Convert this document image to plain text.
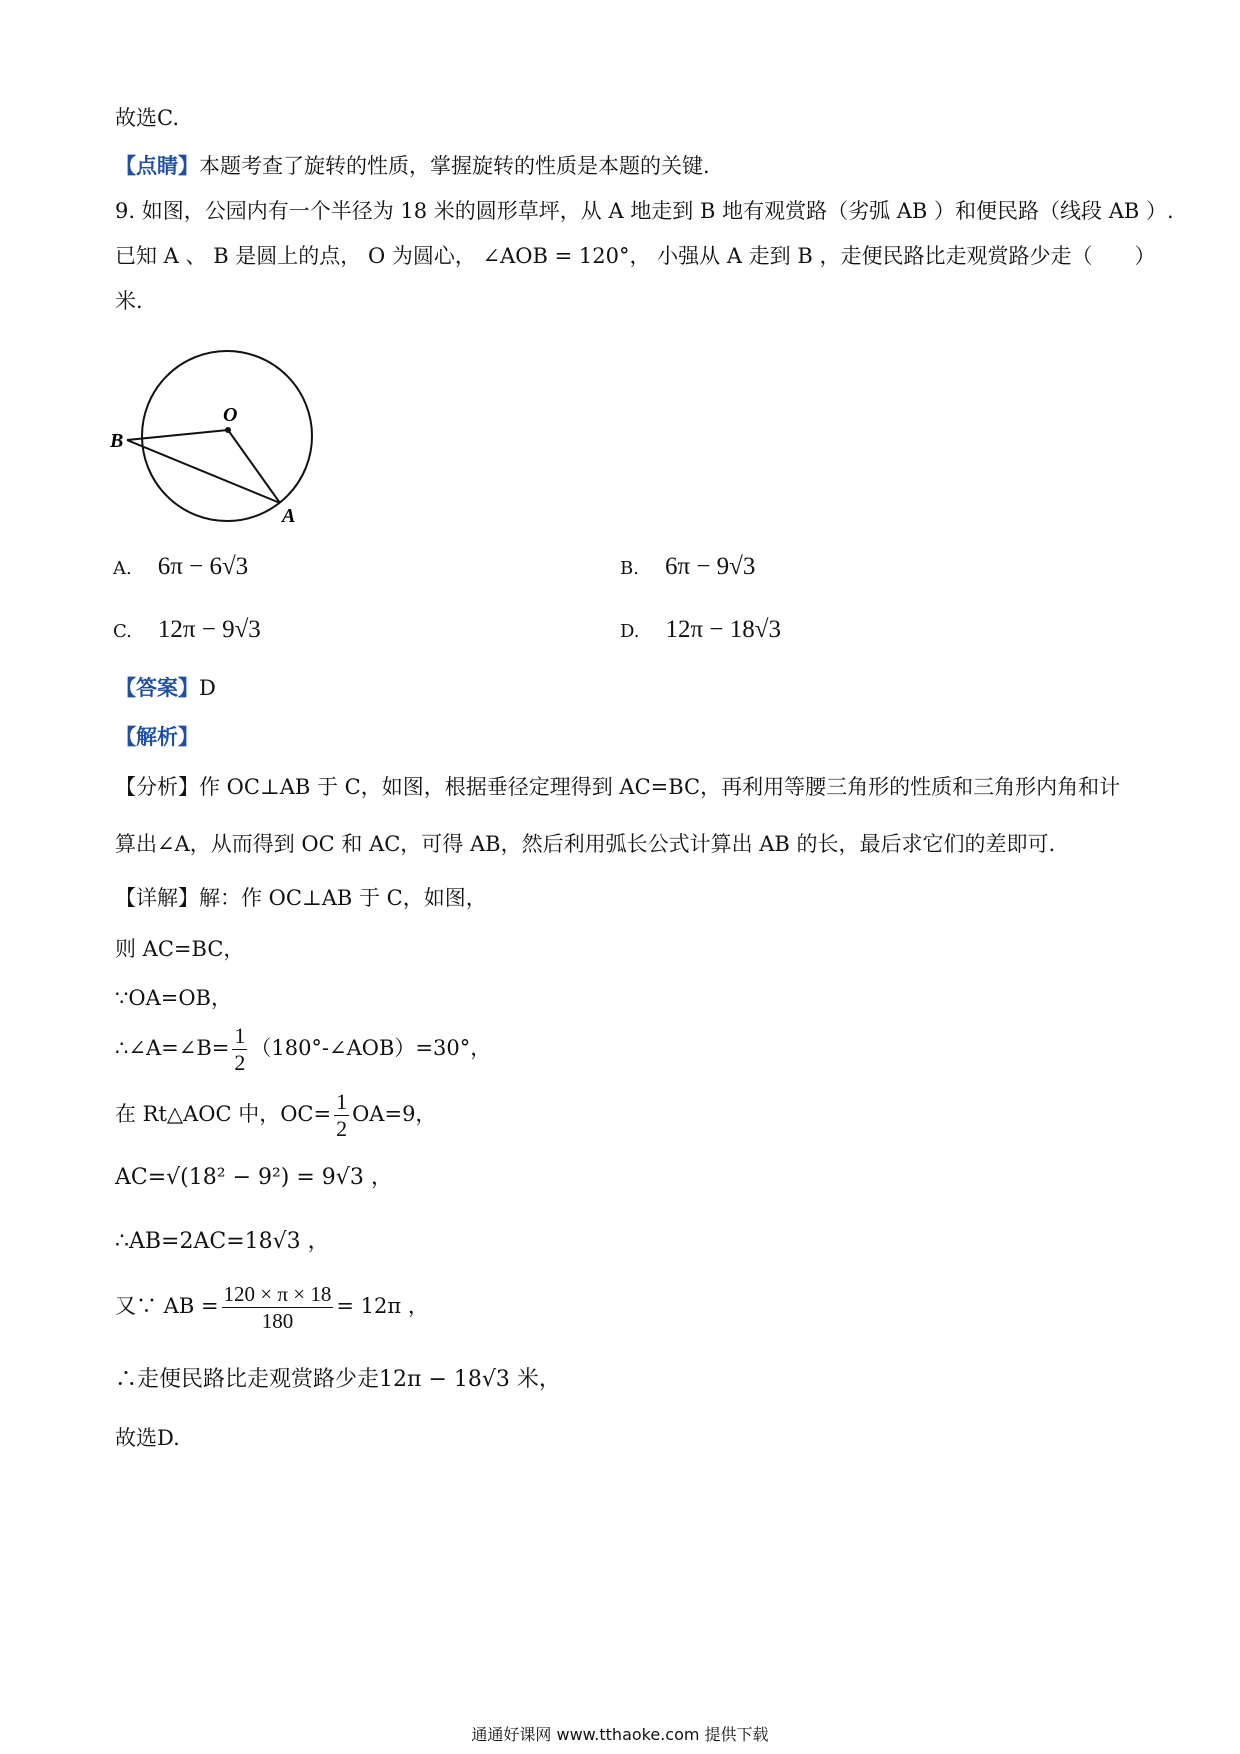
故选C.
【点睛】本题考查了旋转的性质，掌握旋转的性质是本题的关键.
9. 如图，公园内有一个半径为 18 米的圆形草坪，从 A 地走到 B 地有观赏路（劣弧 AB ）和便民路（线段 AB ）.
已知 A 、 B 是圆上的点， O 为圆心， ∠AOB = 120°， 小强从 A 走到 B ，走便民路比走观赏路少走（　　）
米.
O
B
A
A. 6π − 6√3	B. 6π − 9√3
C. 12π − 9√3	D. 12π − 18√3
【答案】D
【解析】
【分析】作 OC⊥AB 于 C，如图，根据垂径定理得到 AC=BC，再利用等腰三角形的性质和三角形内角和计
算出∠A，从而得到 OC 和 AC，可得 AB，然后利用弧长公式计算出 AB 的长，最后求它们的差即可.
【详解】解：作 OC⊥AB 于 C，如图，
则 AC=BC，
∵OA=OB，
∴∠A=∠B= $\frac{1}{2}$ （180°-∠AOB）=30°，
在 Rt△AOC 中，$OC= \frac{1}{2} OA=9$，
AC=√(18² − 9²) = 9√3 ，
∴AB=2AC=18√3 ，
又∵ AB = $\frac{120 \times \pi \times 18}{180} = 12\pi$ ，
∴走便民路比走观赏路少走12π − 18√3 米，
故选D.
通通好课网 www.tthaoke.com 提供下载
